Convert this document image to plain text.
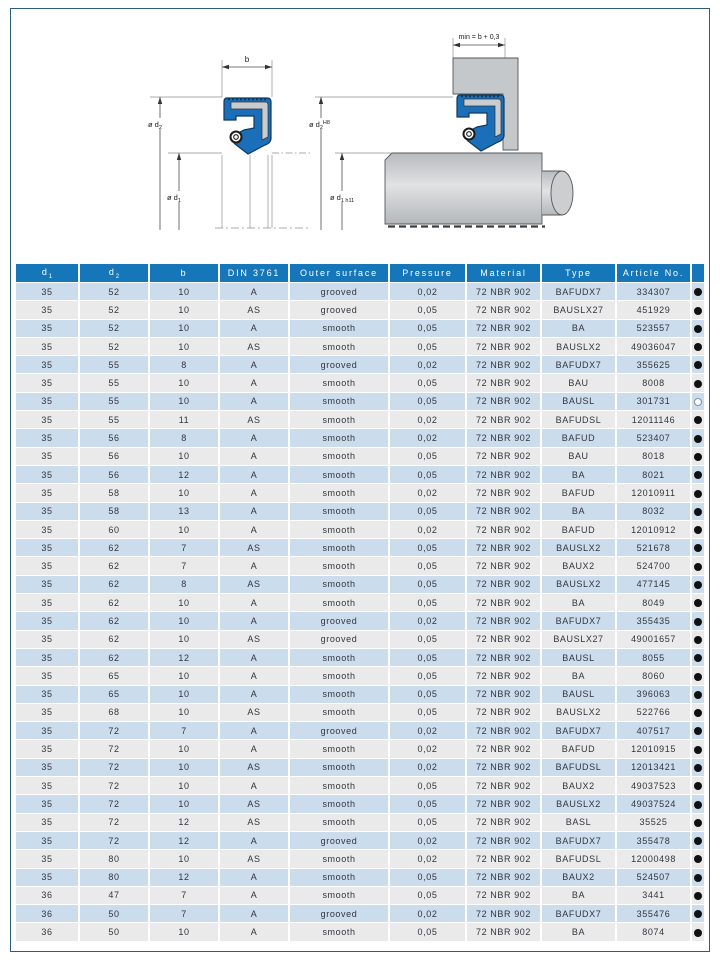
b
ø $d_2$
ø $d_1$
min = b + 0,3
ø $d_2^{H8}$
ø $d_1$ h11
$d_1$	$d_2$	b	DIN 3761	Outer surface	Pressure	Material	Type	Article No.	
35	52	10	A	grooved	0,02	72 NBR 902	BAFUDX7	334307	
35	52	10	AS	grooved	0,05	72 NBR 902	BAUSLX27	451929	
35	52	10	A	smooth	0,05	72 NBR 902	BA	523557	
35	52	10	AS	smooth	0,05	72 NBR 902	BAUSLX2	49036047	
35	55	8	A	grooved	0,02	72 NBR 902	BAFUDX7	355625	
35	55	10	A	smooth	0,05	72 NBR 902	BAU	8008	
35	55	10	A	smooth	0,05	72 NBR 902	BAUSL	301731	
35	55	11	AS	smooth	0,02	72 NBR 902	BAFUDSL	12011146	
35	56	8	A	smooth	0,02	72 NBR 902	BAFUD	523407	
35	56	10	A	smooth	0,05	72 NBR 902	BAU	8018	
35	56	12	A	smooth	0,05	72 NBR 902	BA	8021	
35	58	10	A	smooth	0,02	72 NBR 902	BAFUD	12010911	
35	58	13	A	smooth	0,05	72 NBR 902	BA	8032	
35	60	10	A	smooth	0,02	72 NBR 902	BAFUD	12010912	
35	62	7	AS	smooth	0,05	72 NBR 902	BAUSLX2	521678	
35	62	7	A	smooth	0,05	72 NBR 902	BAUX2	524700	
35	62	8	AS	smooth	0,05	72 NBR 902	BAUSLX2	477145	
35	62	10	A	smooth	0,05	72 NBR 902	BA	8049	
35	62	10	A	grooved	0,02	72 NBR 902	BAFUDX7	355435	
35	62	10	AS	grooved	0,05	72 NBR 902	BAUSLX27	49001657	
35	62	12	A	smooth	0,05	72 NBR 902	BAUSL	8055	
35	65	10	A	smooth	0,05	72 NBR 902	BA	8060	
35	65	10	A	smooth	0,05	72 NBR 902	BAUSL	396063	
35	68	10	AS	smooth	0,05	72 NBR 902	BAUSLX2	522766	
35	72	7	A	grooved	0,02	72 NBR 902	BAFUDX7	407517	
35	72	10	A	smooth	0,02	72 NBR 902	BAFUD	12010915	
35	72	10	AS	smooth	0,02	72 NBR 902	BAFUDSL	12013421	
35	72	10	A	smooth	0,05	72 NBR 902	BAUX2	49037523	
35	72	10	AS	smooth	0,05	72 NBR 902	BAUSLX2	49037524	
35	72	12	AS	smooth	0,05	72 NBR 902	BASL	35525	
35	72	12	A	grooved	0,02	72 NBR 902	BAFUDX7	355478	
35	80	10	AS	smooth	0,02	72 NBR 902	BAFUDSL	12000498	
35	80	12	A	smooth	0,05	72 NBR 902	BAUX2	524507	
36	47	7	A	smooth	0,05	72 NBR 902	BA	3441	
36	50	7	A	grooved	0,02	72 NBR 902	BAFUDX7	355476	
36	50	10	A	smooth	0,05	72 NBR 902	BA	8074	
